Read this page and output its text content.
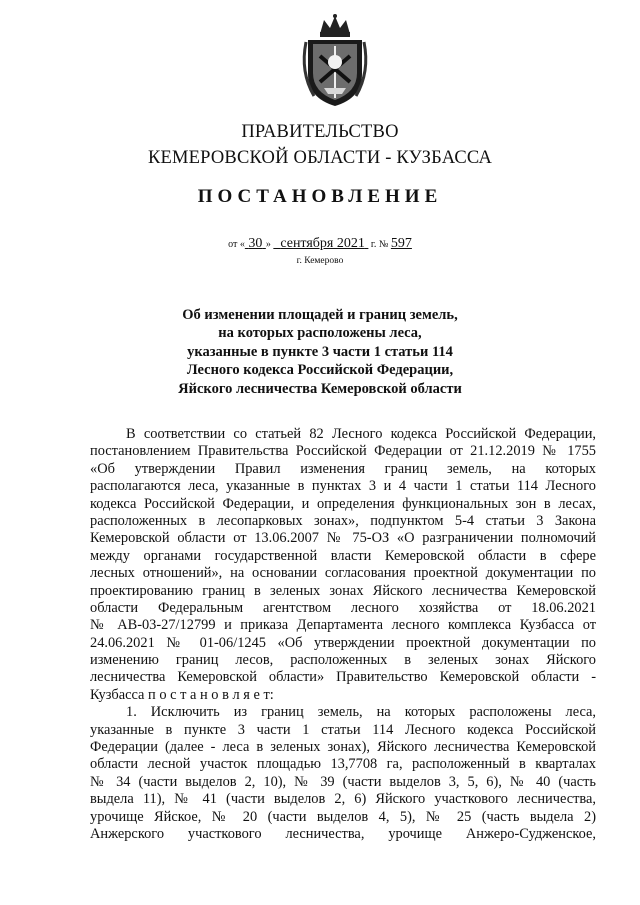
ПРАВИТЕЛЬСТВО
КЕМЕРОВСКОЙ ОБЛАСТИ - КУЗБАССА
ПОСТАНОВЛЕНИЕ
от « 30 » сентября 2021 г. № 597
г. Кемерово
Об изменении площадей и границ земель,
на которых расположены леса,
указанные в пункте 3 части 1 статьи 114
Лесного кодекса Российской Федерации,
Яйского лесничества Кемеровской области
В соответствии со статьей 82 Лесного кодекса Российской Федерации,
постановлением Правительства Российской Федерации от 21.12.2019 № 1755
«Об утверждении Правил изменения границ земель, на которых
располагаются леса, указанные в пунктах 3 и 4 части 1 статьи 114 Лесного
кодекса Российской Федерации, и определения функциональных зон в лесах,
расположенных в лесопарковых зонах», подпунктом 5-4 статьи 3 Закона
Кемеровской области от 13.06.2007 № 75-ОЗ «О разграничении полномочий
между органами государственной власти Кемеровской области в сфере
лесных отношений», на основании согласования проектной документации по
проектированию границ в зеленых зонах Яйского лесничества Кемеровской
области Федеральным агентством лесного хозяйства от 18.06.2021
№ АВ-03-27/12799 и приказа Департамента лесного комплекса Кузбасса от
24.06.2021 № 01-06/1245 «Об утверждении проектной документации по
изменению границ лесов, расположенных в зеленых зонах Яйского
лесничества Кемеровской области» Правительство Кемеровской области -
Кузбасса п о с т а н о в л я е т:
1. Исключить из границ земель, на которых расположены леса,
указанные в пункте 3 части 1 статьи 114 Лесного кодекса Российской
Федерации (далее - леса в зеленых зонах), Яйского лесничества Кемеровской
области лесной участок площадью 13,7708 га, расположенный в кварталах
№ 34 (части выделов 2, 10), № 39 (части выделов 3, 5, 6), № 40 (часть
выдела 11), № 41 (части выделов 2, 6) Яйского участкового лесничества,
урочище Яйское, № 20 (части выделов 4, 5), № 25 (часть выдела 2)
Анжерского участкового лесничества, урочище Анжеро-Судженское,
